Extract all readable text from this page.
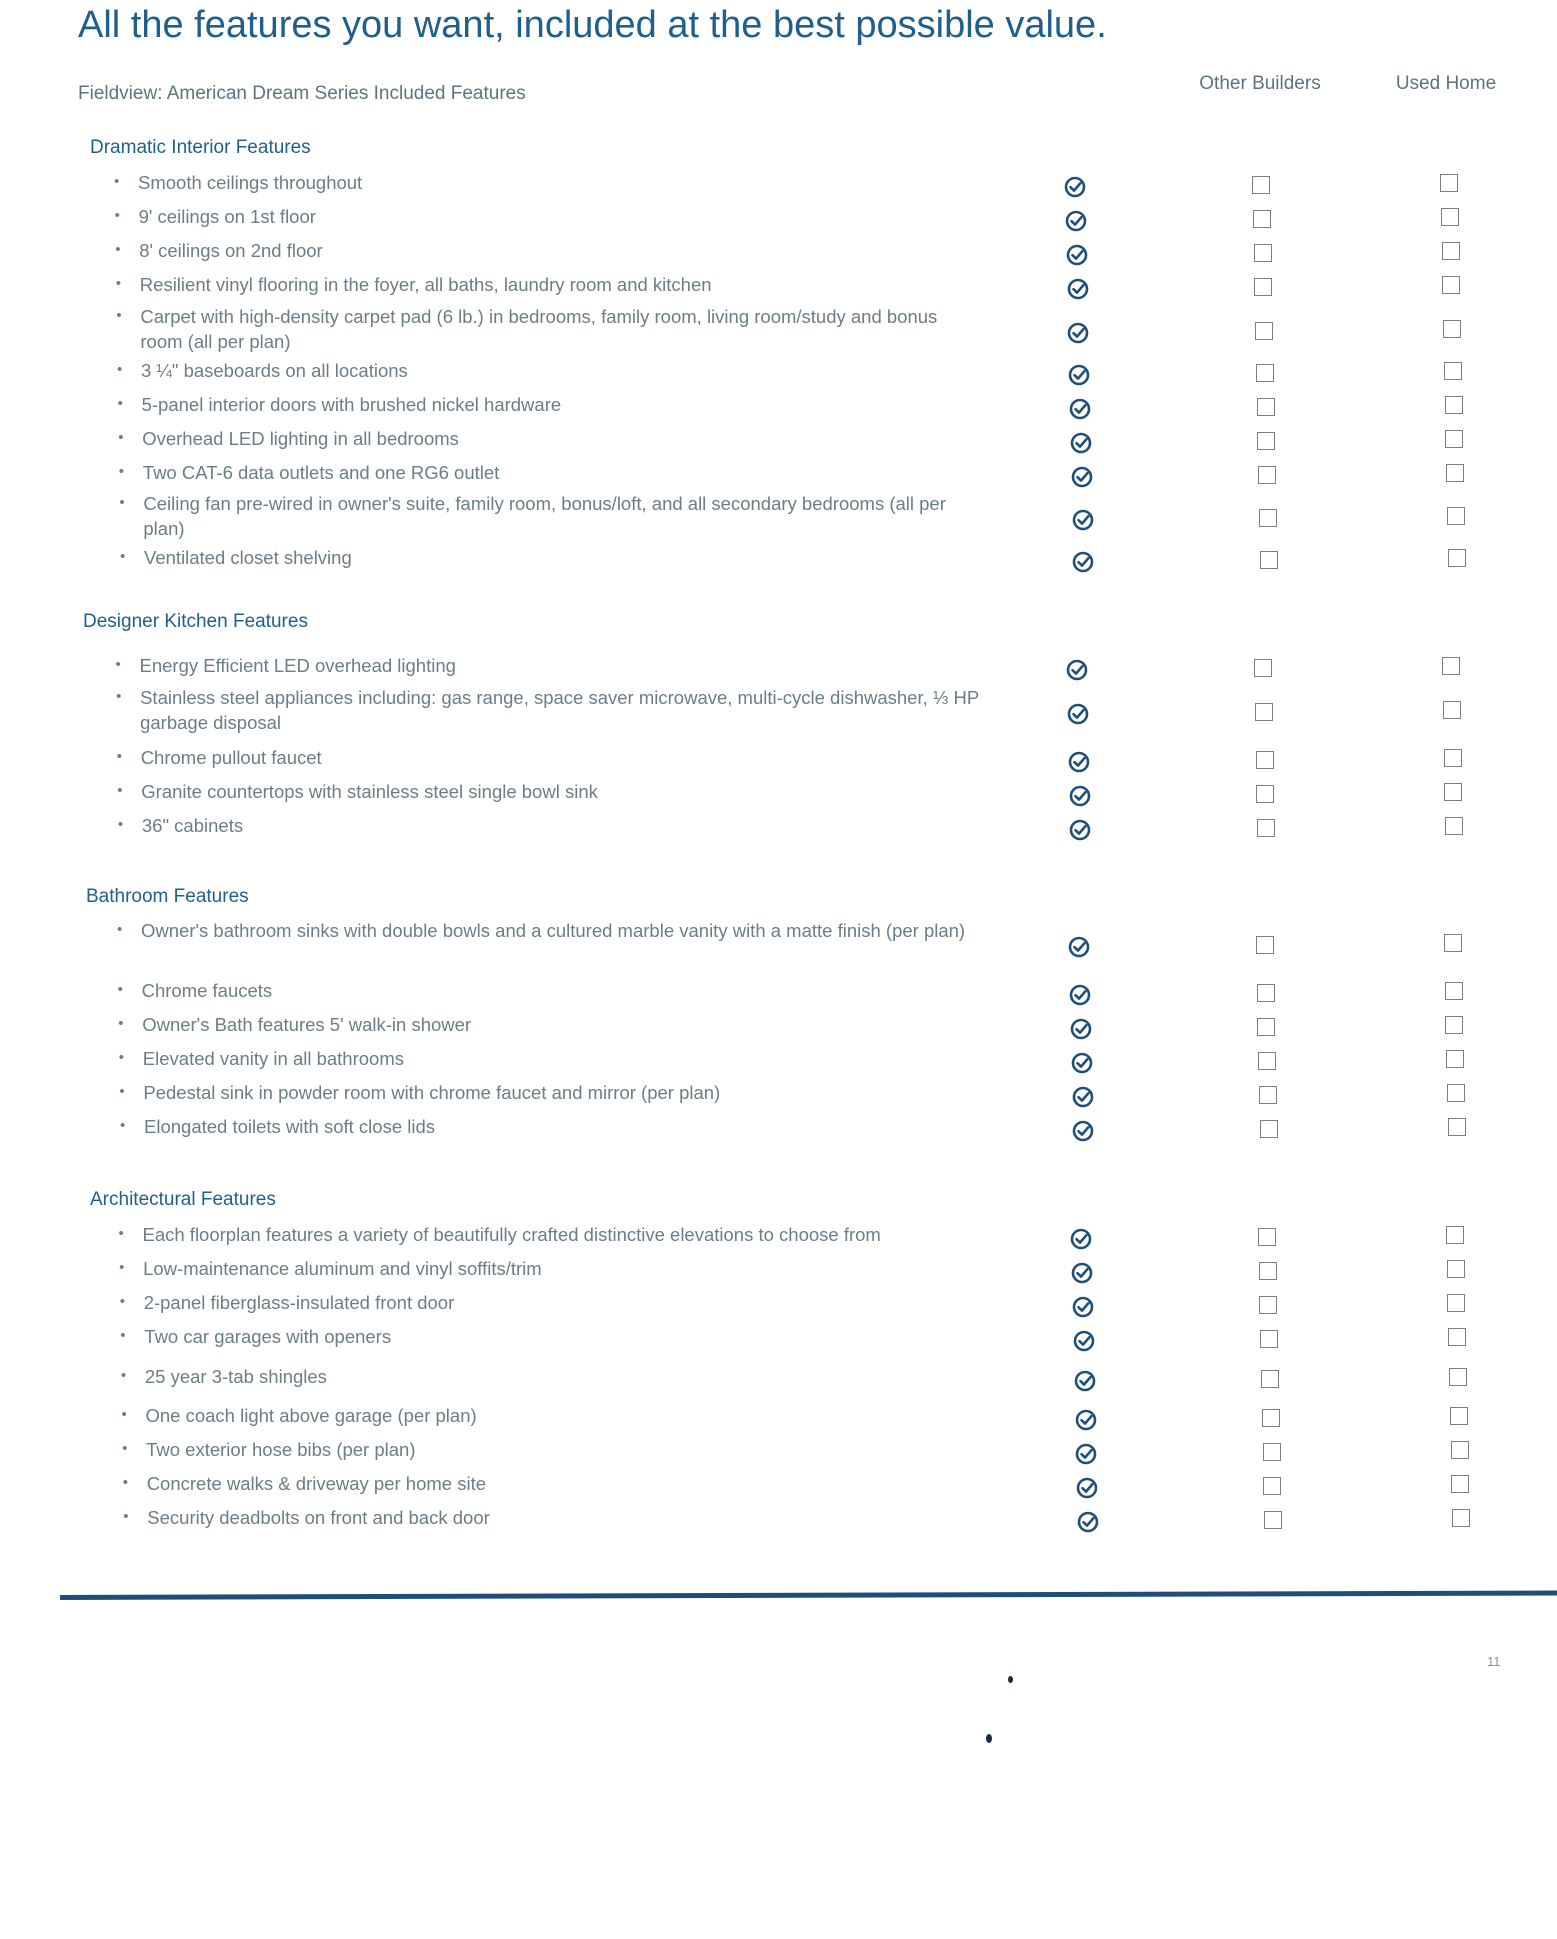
All the features you want, included at the best possible value.
Fieldview: American Dream Series Included Features	Other Builders	Used Home
Dramatic Interior Features
• Smooth ceilings throughout
• 9' ceilings on 1st floor
• 8' ceilings on 2nd floor
• Resilient vinyl flooring in the foyer, all baths, laundry room and kitchen
• Carpet with high-density carpet pad (6 lb.) in bedrooms, family room, living room/study and bonus room (all per plan)
• 3 ¼" baseboards on all locations
• 5-panel interior doors with brushed nickel hardware
• Overhead LED lighting in all bedrooms
• Two CAT-6 data outlets and one RG6 outlet
• Ceiling fan pre-wired in owner's suite, family room, bonus/loft, and all secondary bedrooms (all per plan)
• Ventilated closet shelving
Designer Kitchen Features
• Energy Efficient LED overhead lighting
• Stainless steel appliances including: gas range, space saver microwave, multi-cycle dishwasher, ⅓ HP garbage disposal
• Chrome pullout faucet
• Granite countertops with stainless steel single bowl sink
• 36" cabinets
Bathroom Features
• Owner's bathroom sinks with double bowls and a cultured marble vanity with a matte finish (per plan)
• Chrome faucets
• Owner's Bath features 5' walk-in shower
• Elevated vanity in all bathrooms
• Pedestal sink in powder room with chrome faucet and mirror (per plan)
• Elongated toilets with soft close lids
Architectural Features
• Each floorplan features a variety of beautifully crafted distinctive elevations to choose from
• Low-maintenance aluminum and vinyl soffits/trim
• 2-panel fiberglass-insulated front door
• Two car garages with openers
• 25 year 3-tab shingles
• One coach light above garage (per plan)
• Two exterior hose bibs (per plan)
• Concrete walks & driveway per home site
• Security deadbolts on front and back door
11
